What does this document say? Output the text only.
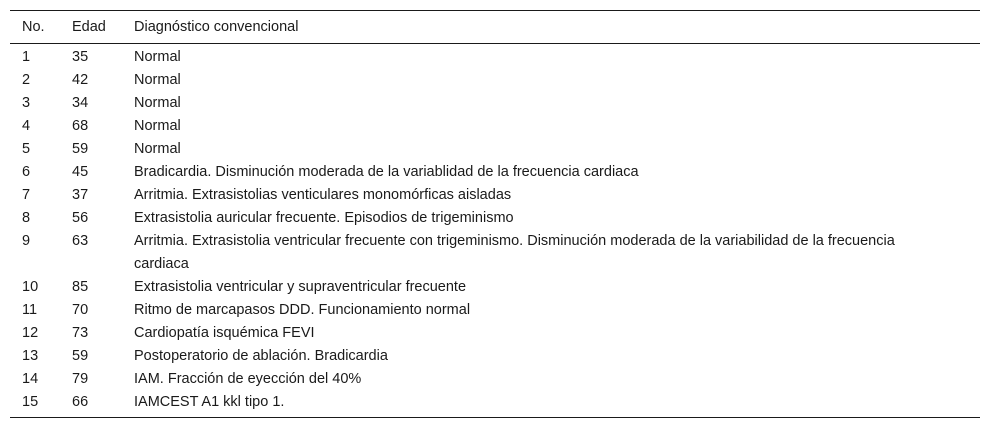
No.	Edad	Diagnóstico convencional
1	35	Normal
2	42	Normal
3	34	Normal
4	68	Normal
5	59	Normal
6	45	Bradicardia. Disminución moderada de la variablidad de la frecuencia cardiaca
7	37	Arritmia. Extrasistolias venticulares monomórficas aisladas
8	56	Extrasistolia auricular frecuente. Episodios de trigeminismo
9	63	Arritmia. Extrasistolia ventricular frecuente con trigeminismo. Disminución moderada de la variabilidad de la frecuencia cardiaca
10	85	Extrasistolia ventricular y supraventricular frecuente
11	70	Ritmo de marcapasos DDD. Funcionamiento normal
12	73	Cardiopatía isquémica FEVI
13	59	Postoperatorio de ablación. Bradicardia
14	79	IAM. Fracción de eyección del 40%
15	66	IAMCEST A1 kkl tipo 1.
